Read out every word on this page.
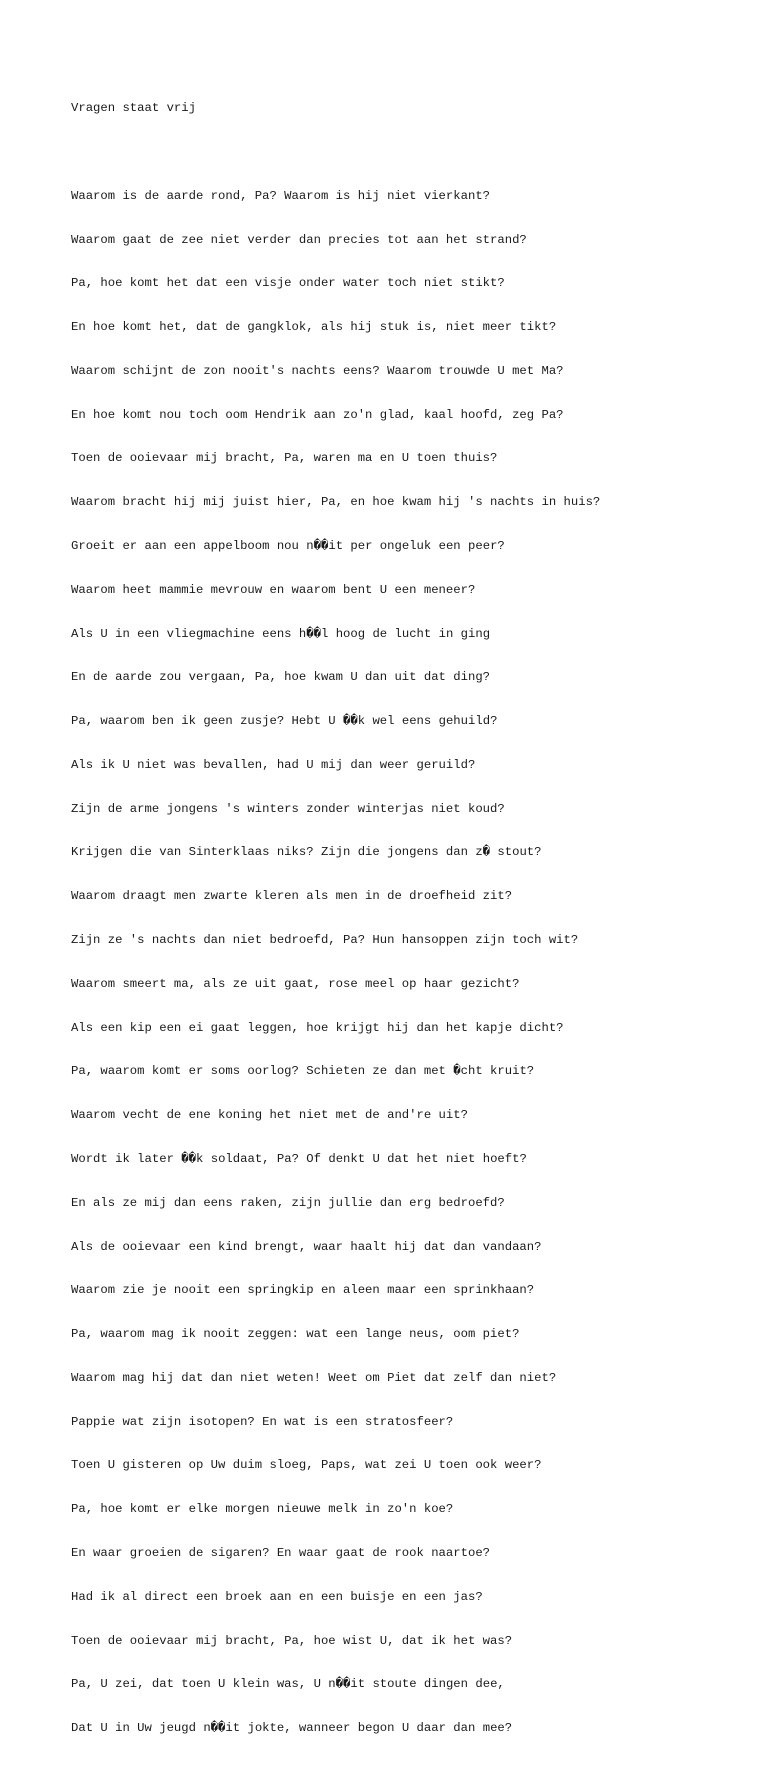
Vragen staat vrij

Waarom is de aarde rond, Pa? Waarom is hij niet vierkant?

Waarom gaat de zee niet verder dan precies tot aan het strand?

Pa, hoe komt het dat een visje onder water toch niet stikt?

En hoe komt het, dat de gangklok, als hij stuk is, niet meer tikt?

Waarom schijnt de zon nooit's nachts eens? Waarom trouwde U met Ma?

En hoe komt nou toch oom Hendrik aan zo'n glad, kaal hoofd, zeg Pa?

Toen de ooievaar mij bracht, Pa, waren ma en U toen thuis?

Waarom bracht hij mij juist hier, Pa, en hoe kwam hij 's nachts in huis?

Groeit er aan een appelboom nou n��it per ongeluk een peer?

Waarom heet mammie mevrouw en waarom bent U een meneer?

Als U in een vliegmachine eens h��l hoog de lucht in ging

En de aarde zou vergaan, Pa, hoe kwam U dan uit dat ding?

Pa, waarom ben ik geen zusje? Hebt U ��k wel eens gehuild?

Als ik U niet was bevallen, had U mij dan weer geruild?

Zijn de arme jongens 's winters zonder winterjas niet koud?

Krijgen die van Sinterklaas niks? Zijn die jongens dan z� stout?

Waarom draagt men zwarte kleren als men in de droefheid zit?

Zijn ze 's nachts dan niet bedroefd, Pa? Hun hansoppen zijn toch wit?

Waarom smeert ma, als ze uit gaat, rose meel op haar gezicht?

Als een kip een ei gaat leggen, hoe krijgt hij dan het kapje dicht?

Pa, waarom komt er soms oorlog? Schieten ze dan met �cht kruit?

Waarom vecht de ene koning het niet met de and're uit?

Wordt ik later ��k soldaat, Pa? Of denkt U dat het niet hoeft?

En als ze mij dan eens raken, zijn jullie dan erg bedroefd?

Als de ooievaar een kind brengt, waar haalt hij dat dan vandaan?

Waarom zie je nooit een springkip en aleen maar een sprinkhaan?

Pa, waarom mag ik nooit zeggen: wat een lange neus, oom piet?

Waarom mag hij dat dan niet weten! Weet om Piet dat zelf dan niet?

Pappie wat zijn isotopen? En wat is een stratosfeer?

Toen U gisteren op Uw duim sloeg, Paps, wat zei U toen ook weer?

Pa, hoe komt er elke morgen nieuwe melk in zo'n koe?

En waar groeien de sigaren? En waar gaat de rook naartoe?

Had ik al direct een broek aan en een buisje en een jas?

Toen de ooievaar mij bracht, Pa, hoe wist U, dat ik het was?

Pa, U zei, dat toen U klein was, U n��it stoute dingen dee,

Dat U in Uw jeugd n��it jokte, wanneer begon U daar dan mee?
